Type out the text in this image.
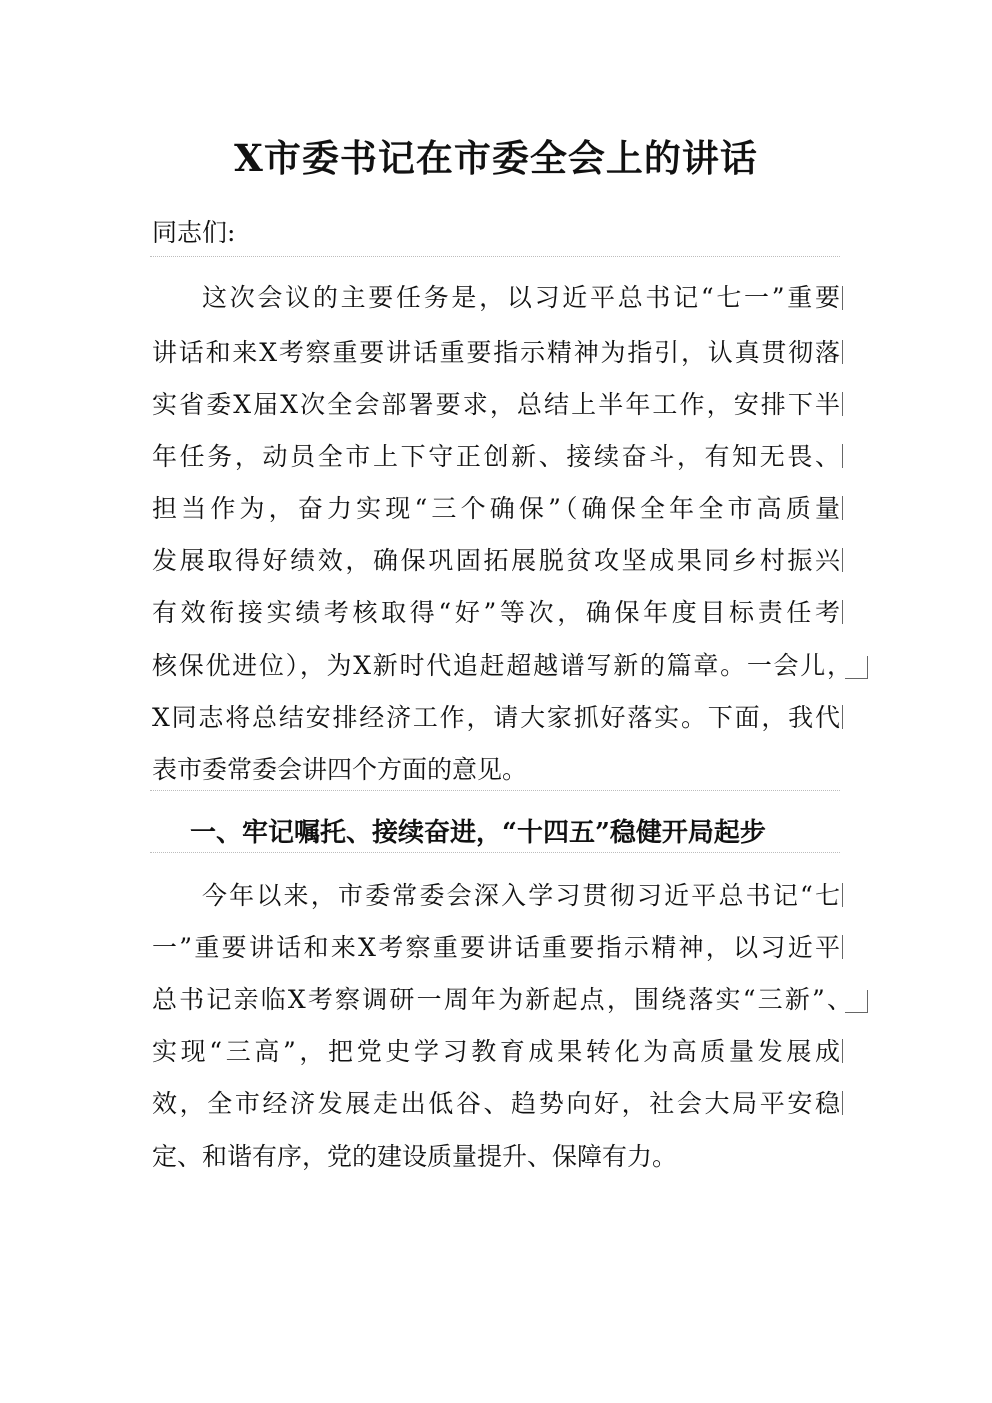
X市委书记在市委全会上的讲话

同志们:

这次会议的主要任务是，以习近平总书记“七一”重要

讲话和来X考察重要讲话重要指示精神为指引，认真贯彻落

实省委X届X次全会部署要求，总结上半年工作，安排下半

年任务，动员全市上下守正创新、接续奋斗，有知无畏、

担当作为，奋力实现“三个确保”（确保全年全市高质量

发展取得好绩效，确保巩固拓展脱贫攻坚成果同乡村振兴

有效衔接实绩考核取得“好”等次，确保年度目标责任考

核保优进位），为X新时代追赶超越谱写新的篇章。一会儿，

X同志将总结安排经济工作，请大家抓好落实。下面，我代

表市委常委会讲四个方面的意见。

一、牢记嘱托、接续奋进，“十四五”稳健开局起步

今年以来，市委常委会深入学习贯彻习近平总书记“七

一”重要讲话和来X考察重要讲话重要指示精神，以习近平

总书记亲临X考察调研一周年为新起点，围绕落实“三新”、

实现“三高”，把党史学习教育成果转化为高质量发展成

效，全市经济发展走出低谷、趋势向好，社会大局平安稳

定、和谐有序，党的建设质量提升、保障有力。
